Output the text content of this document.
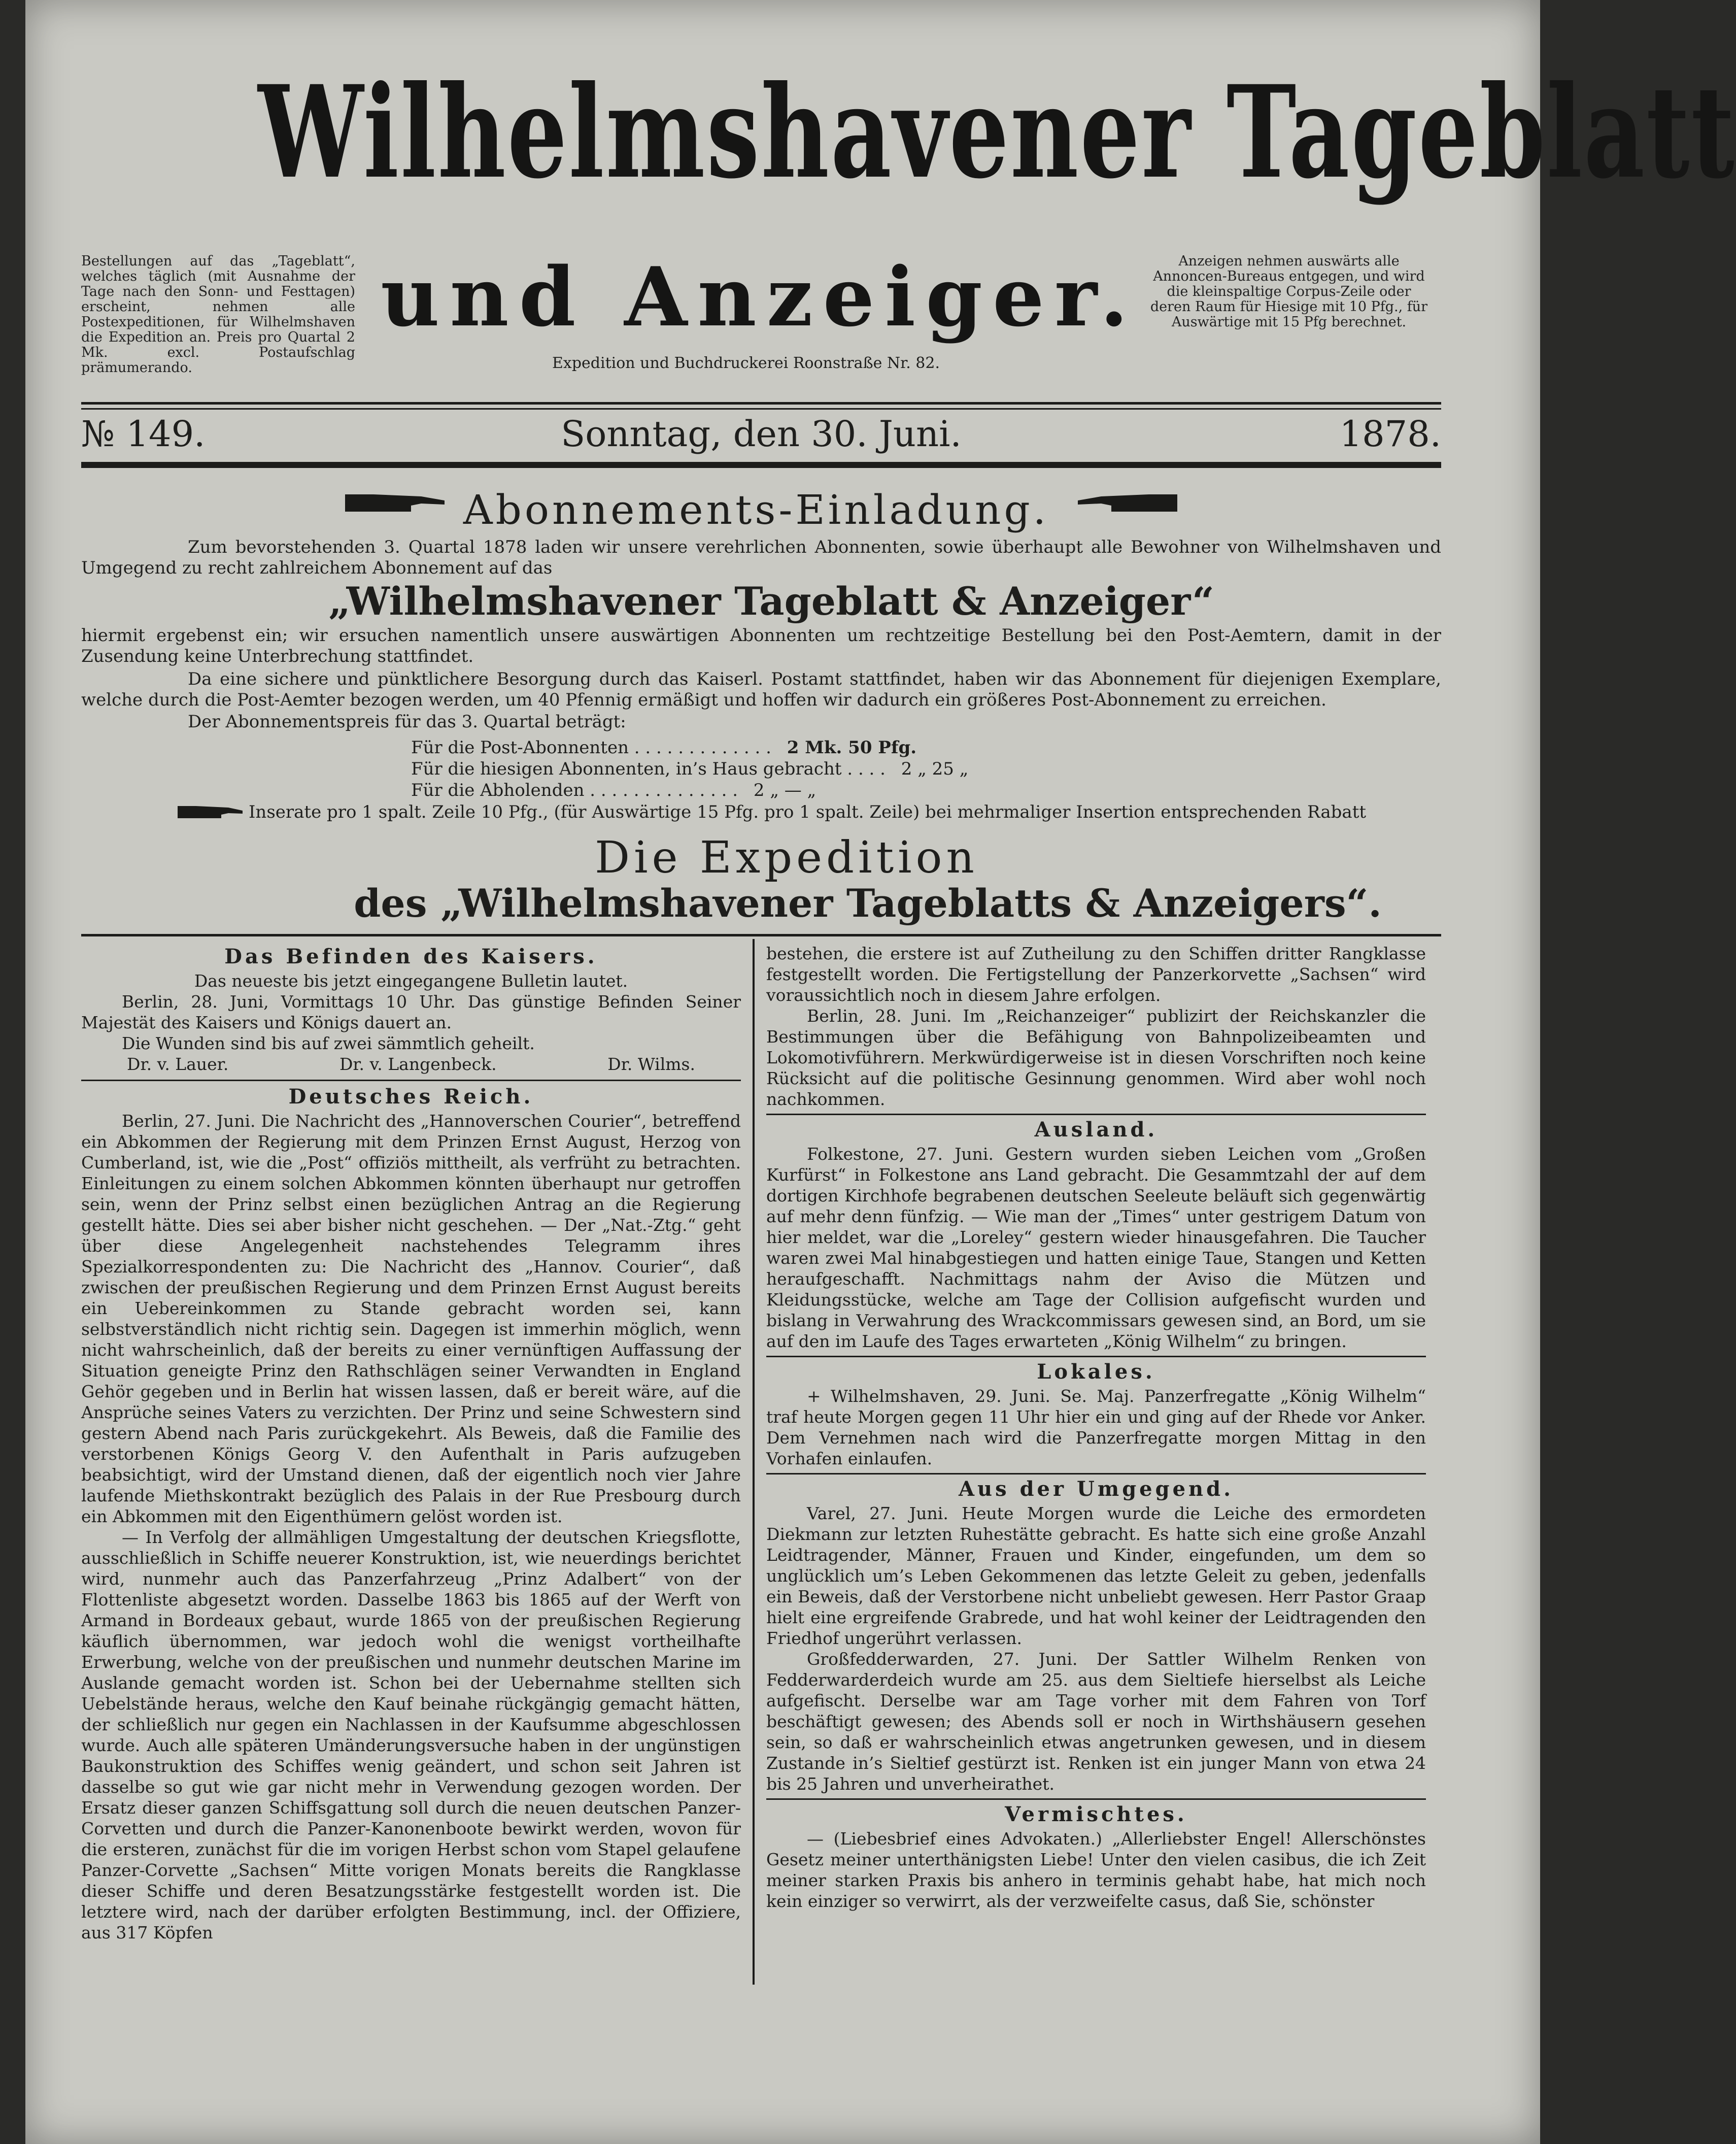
Wilhelmshavener Tageblatt
Bestellungen auf das „Tageblatt“, welches täglich (mit Ausnahme der Tage nach den Sonn- und Festtagen) erscheint, nehmen alle Postexpeditionen, für Wilhelmshaven die Expedition an. Preis pro Quartal 2 Mk. excl. Postaufschlag prämumerando.
und Anzeiger.	Anzeigen nehmen auswärts alle Annoncen-Bureaus entgegen, und wird die kleinspaltige Corpus-Zeile oder deren Raum für Hiesige mit 10 Pfg., für Auswärtige mit 15 Pfg berechnet.
Expedition und Buchdruckerei Roonstraße Nr. 82.
№ 149.	Sonntag, den 30. Juni.	1878.
Abonnements-Einladung.
Zum bevorstehenden 3. Quartal 1878 laden wir unsere verehrlichen Abonnenten, sowie überhaupt alle Bewohner von Wilhelmshaven und Umgegend zu recht zahlreichem Abonnement auf das
„Wilhelmshavener Tageblatt & Anzeiger“
hiermit ergebenst ein; wir ersuchen namentlich unsere auswärtigen Abonnenten um rechtzeitige Bestellung bei den Post-Aemtern, damit in der Zusendung keine Unterbrechung stattfindet.
Da eine sichere und pünktlichere Besorgung durch das Kaiserl. Postamt stattfindet, haben wir das Abonnement für diejenigen Exemplare, welche durch die Post-Aemter bezogen werden, um 40 Pfennig ermäßigt und hoffen wir dadurch ein größeres Post-Abonnement zu erreichen.
Der Abonnementspreis für das 3. Quartal beträgt:
Für die Post-Abonnenten . . . . . . . . . . . . . 2 Mk. 50 Pfg.
Für die hiesigen Abonnenten, in’s Haus gebracht . . . . 2 „ 25 „
Für die Abholenden . . . . . . . . . . . . . . 2 „ — „
Inserate pro 1 spalt. Zeile 10 Pfg., (für Auswärtige 15 Pfg. pro 1 spalt. Zeile) bei mehrmaliger Insertion entsprechenden Rabatt
Die Expedition
des „Wilhelmshavener Tageblatts & Anzeigers“.
Das Befinden des Kaisers.
Das neueste bis jetzt eingegangene Bulletin lautet.

Berlin, 28. Juni, Vormittags 10 Uhr. Das günstige Befinden Seiner Majestät des Kaisers und Königs dauert an.

Die Wunden sind bis auf zwei sämmtlich geheilt.

Dr. v. Lauer.	Dr. v. Langenbeck.	Dr. Wilms.
Deutsches Reich.

Berlin, 27. Juni. Die Nachricht des „Hannoverschen Courier“, betreffend ein Abkommen der Regierung mit dem Prinzen Ernst August, Herzog von Cumberland, ist, wie die „Post“ offiziös mittheilt, als verfrüht zu betrachten. Einleitungen zu einem solchen Abkommen könnten überhaupt nur getroffen sein, wenn der Prinz selbst einen bezüglichen Antrag an die Regierung gestellt hätte. Dies sei aber bisher nicht geschehen. — Der „Nat.-Ztg.“ geht über diese Angelegenheit nachstehendes Telegramm ihres Spezialkorrespondenten zu: Die Nachricht des „Hannov. Courier“, daß zwischen der preußischen Regierung und dem Prinzen Ernst August bereits ein Uebereinkommen zu Stande gebracht worden sei, kann selbstverständlich nicht richtig sein. Dagegen ist immerhin möglich, wenn nicht wahrscheinlich, daß der bereits zu einer vernünftigen Auffassung der Situation geneigte Prinz den Rathschlägen seiner Verwandten in England Gehör gegeben und in Berlin hat wissen lassen, daß er bereit wäre, auf die Ansprüche seines Vaters zu verzichten. Der Prinz und seine Schwestern sind gestern Abend nach Paris zurückgekehrt. Als Beweis, daß die Familie des verstorbenen Königs Georg V. den Aufenthalt in Paris aufzugeben beabsichtigt, wird der Umstand dienen, daß der eigentlich noch vier Jahre laufende Miethskontrakt bezüglich des Palais in der Rue Presbourg durch ein Abkommen mit den Eigenthümern gelöst worden ist.

— In Verfolg der allmähligen Umgestaltung der deutschen Kriegsflotte, ausschließlich in Schiffe neuerer Konstruktion, ist, wie neuerdings berichtet wird, nunmehr auch das Panzerfahrzeug „Prinz Adalbert“ von der Flottenliste abgesetzt worden. Dasselbe 1863 bis 1865 auf der Werft von Armand in Bordeaux gebaut, wurde 1865 von der preußischen Regierung käuflich übernommen, war jedoch wohl die wenigst vortheilhafte Erwerbung, welche von der preußischen und nunmehr deutschen Marine im Auslande gemacht worden ist. Schon bei der Uebernahme stellten sich Uebelstände heraus, welche den Kauf beinahe rückgängig gemacht hätten, der schließlich nur gegen ein Nachlassen in der Kaufsumme abgeschlossen wurde. Auch alle späteren Umänderungsversuche haben in der ungünstigen Baukonstruktion des Schiffes wenig geändert, und schon seit Jahren ist dasselbe so gut wie gar nicht mehr in Verwendung gezogen worden. Der Ersatz dieser ganzen Schiffsgattung soll durch die neuen deutschen Panzer-Corvetten und durch die Panzer-Kanonenboote bewirkt werden, wovon für die ersteren, zunächst für die im vorigen Herbst schon vom Stapel gelaufene Panzer-Corvette „Sachsen“ Mitte vorigen Monats bereits die Rangklasse dieser Schiffe und deren Besatzungsstärke festgestellt worden ist. Die letztere wird, nach der darüber erfolgten Bestimmung, incl. der Offiziere, aus 317 Köpfen

bestehen, die erstere ist auf Zutheilung zu den Schiffen dritter Rangklasse festgestellt worden. Die Fertigstellung der Panzerkorvette „Sachsen“ wird voraussichtlich noch in diesem Jahre erfolgen.

Berlin, 28. Juni. Im „Reichanzeiger“ publizirt der Reichskanzler die Bestimmungen über die Befähigung von Bahnpolizeibeamten und Lokomotivführern. Merkwürdigerweise ist in diesen Vorschriften noch keine Rücksicht auf die politische Gesinnung genommen. Wird aber wohl noch nachkommen.

Ausland.

Folkestone, 27. Juni. Gestern wurden sieben Leichen vom „Großen Kurfürst“ in Folkestone ans Land gebracht. Die Gesammtzahl der auf dem dortigen Kirchhofe begrabenen deutschen Seeleute beläuft sich gegenwärtig auf mehr denn fünfzig. — Wie man der „Times“ unter gestrigem Datum von hier meldet, war die „Loreley“ gestern wieder hinausgefahren. Die Taucher waren zwei Mal hinabgestiegen und hatten einige Taue, Stangen und Ketten heraufgeschafft. Nachmittags nahm der Aviso die Mützen und Kleidungsstücke, welche am Tage der Collision aufgefischt wurden und bislang in Verwahrung des Wrackcommissars gewesen sind, an Bord, um sie auf den im Laufe des Tages erwarteten „König Wilhelm“ zu bringen.

Lokales.

+ Wilhelmshaven, 29. Juni. Se. Maj. Panzerfregatte „König Wilhelm“ traf heute Morgen gegen 11 Uhr hier ein und ging auf der Rhede vor Anker. Dem Vernehmen nach wird die Panzerfregatte morgen Mittag in den Vorhafen einlaufen.

Aus der Umgegend.

Varel, 27. Juni. Heute Morgen wurde die Leiche des ermordeten Diekmann zur letzten Ruhestätte gebracht. Es hatte sich eine große Anzahl Leidtragender, Männer, Frauen und Kinder, eingefunden, um dem so unglücklich um’s Leben Gekommenen das letzte Geleit zu geben, jedenfalls ein Beweis, daß der Verstorbene nicht unbeliebt gewesen. Herr Pastor Graap hielt eine ergreifende Grabrede, und hat wohl keiner der Leidtragenden den Friedhof ungerührt verlassen.

Großfedderwarden, 27. Juni. Der Sattler Wilhelm Renken von Fedderwarderdeich wurde am 25. aus dem Sieltiefe hierselbst als Leiche aufgefischt. Derselbe war am Tage vorher mit dem Fahren von Torf beschäftigt gewesen; des Abends soll er noch in Wirthshäusern gesehen sein, so daß er wahrscheinlich etwas angetrunken gewesen, und in diesem Zustande in’s Sieltief gestürzt ist. Renken ist ein junger Mann von etwa 24 bis 25 Jahren und unverheirathet.

Vermischtes.

— (Liebesbrief eines Advokaten.) „Allerliebster Engel! Allerschönstes Gesetz meiner unterthänigsten Liebe! Unter den vielen casibus, die ich Zeit meiner starken Praxis bis anhero in terminis gehabt habe, hat mich noch kein einziger so verwirrt, als der verzweifelte casus, daß Sie, schönster
